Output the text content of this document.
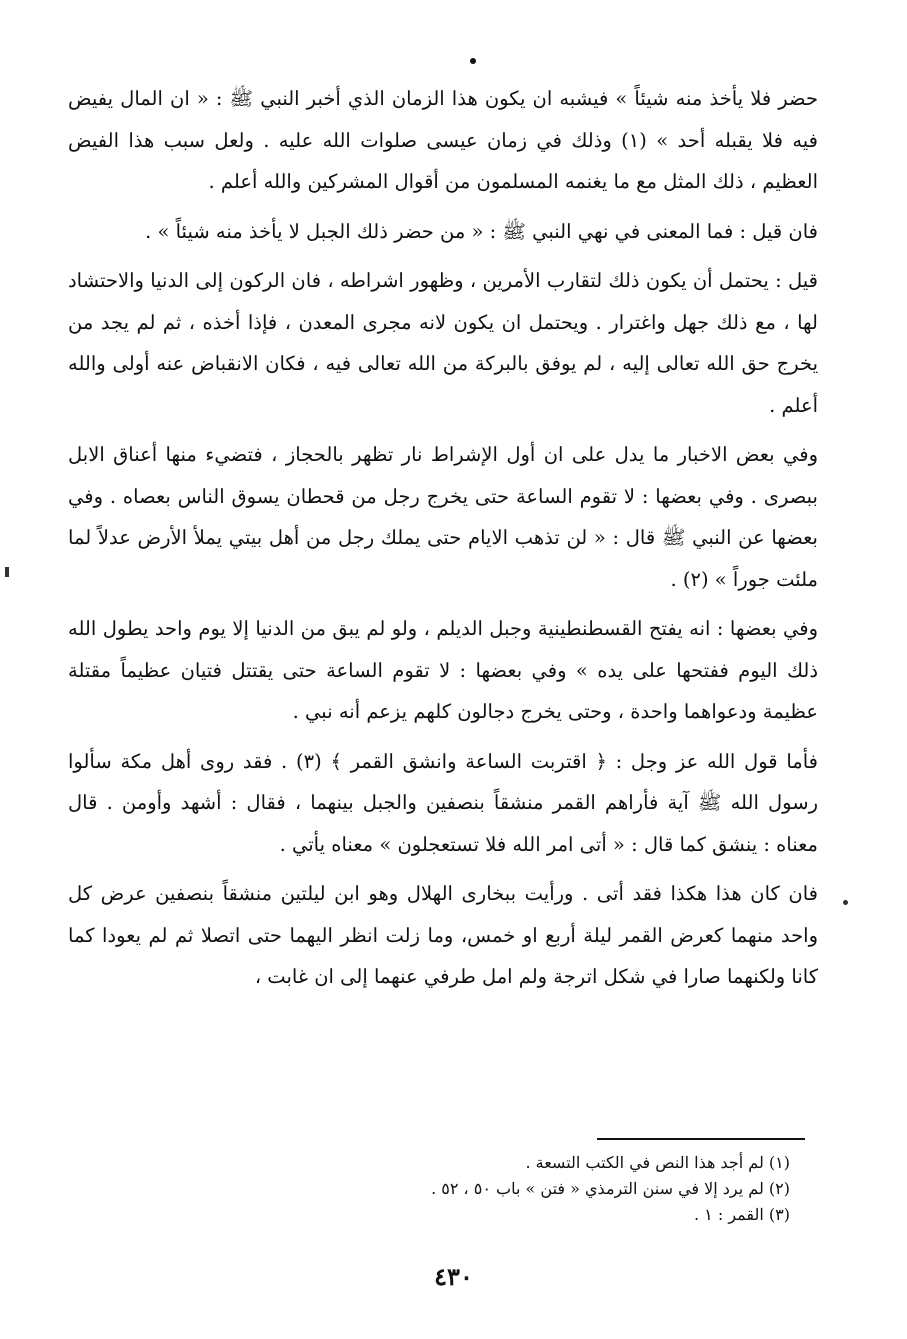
حضر فلا يأخذ منه شيئاً » فيشبه ان يكون هذا الزمان الذي أخبر النبي ﷺ : « ان المال يفيض فيه فلا يقبله أحد » (١) وذلك في زمان عيسى صلوات الله عليه . ولعل سبب هذا الفيض العظيم ، ذلك المثل مع ما يغنمه المسلمون من أقوال المشركين والله أعلم .

فان قيل : فما المعنى في نهي النبي ﷺ : « من حضر ذلك الجبل لا يأخذ منه شيئاً » .

قيل : يحتمل أن يكون ذلك لتقارب الأمرين ، وظهور اشراطه ، فان الركون إلى الدنيا والاحتشاد لها ، مع ذلك جهل واغترار . ويحتمل ان يكون لانه مجرى المعدن ، فإذا أخذه ، ثم لم يجد من يخرج حق الله تعالى إليه ، لم يوفق بالبركة من الله تعالى فيه ، فكان الانقباض عنه أولى والله أعلم .

وفي بعض الاخبار ما يدل على ان أول الإشراط نار تظهر بالحجاز ، فتضيء منها أعناق الابل ببصرى . وفي بعضها : لا تقوم الساعة حتى يخرج رجل من قحطان يسوق الناس بعصاه . وفي بعضها عن النبي ﷺ قال : « لن تذهب الايام حتى يملك رجل من أهل بيتي يملأ الأرض عدلاً لما ملئت جوراً » (٢) .

وفي بعضها : انه يفتح القسطنطينية وجبل الديلم ، ولو لم يبق من الدنيا إلا يوم واحد يطول الله ذلك اليوم ففتحها على يده » وفي بعضها : لا تقوم الساعة حتى يقتتل فتيان عظيماً مقتلة عظيمة ودعواهما واحدة ، وحتى يخرج دجالون كلهم يزعم أنه نبي .

فأما قول الله عز وجل : ﴿ اقتربت الساعة وانشق القمر ﴾ (٣) . فقد روى أهل مكة سألوا رسول الله ﷺ آية فأراهم القمر منشقاً بنصفين والجبل بينهما ، فقال : أشهد وأومن . قال معناه : ينشق كما قال : « أتى امر الله فلا تستعجلون » معناه يأتي .

فان كان هذا هكذا فقد أتى . ورأيت ببخارى الهلال وهو ابن ليلتين منشقاً بنصفين عرض كل واحد منهما كعرض القمر ليلة أربع او خمس، وما زلت انظر اليهما حتى اتصلا ثم لم يعودا كما كانا ولكنهما صارا في شكل اترجة ولم امل طرفي عنهما إلى ان غابت ،

(١) لم أجد هذا النص في الكتب التسعة .
(٢) لم يرد إلا في سنن الترمذي « فتن » باب ٥٠ ، ٥٢ .
(٣) القمر : ١ .
٤٣٠
